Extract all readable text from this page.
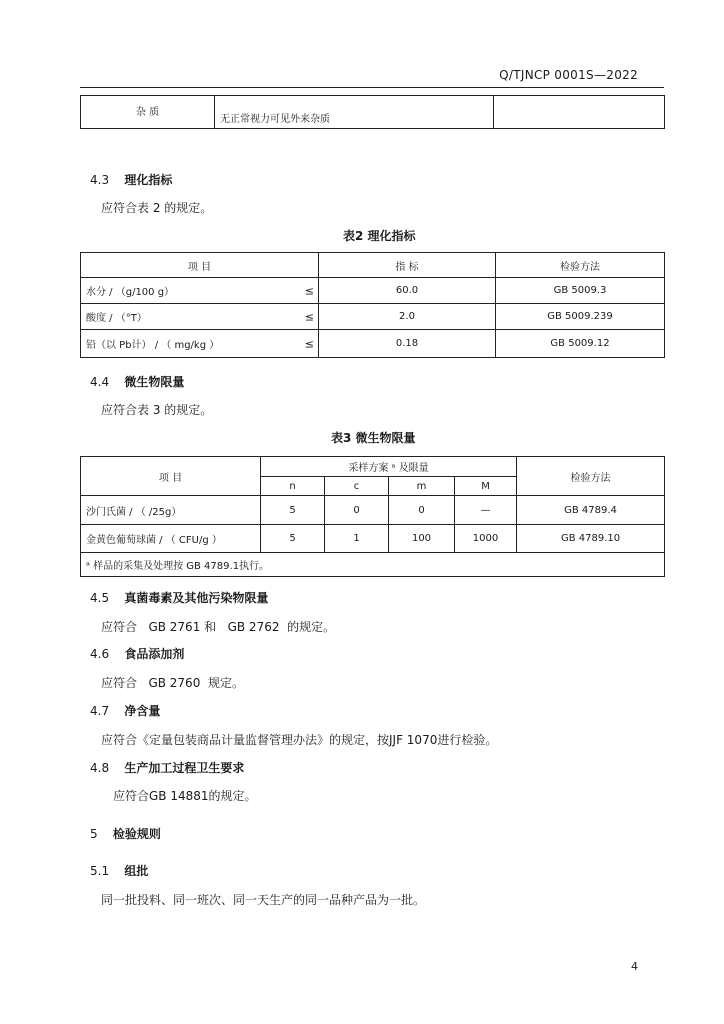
Q/TJNCP 0001S—2022
杂 质	无正常视力可见外来杂质	
4.3 理化指标
应符合表 2 的规定。
表2 理化指标
项 目	指 标	检验方法
水分 / （g/100 g） ≤	60.0	GB 5009.3
酸度 / （°T） ≤	2.0	GB 5009.239
铅（以 Pb计） / （ mg/kg ） ≤	0.18	GB 5009.12
4.4 微生物限量
应符合表 3 的规定。
表3 微生物限量
项 目	采样方案 ᵃ 及限量				检验方法
	n	c	m	M	
沙门氏菌 / （ /25g）	5	0	0	—	GB 4789.4
金黄色葡萄球菌 / （ CFU/g ）	5	1	100	1000	GB 4789.10
ᵃ 样品的采集及处理按 GB 4789.1执行。					
4.5 真菌毒素及其他污染物限量
应符合   GB 2761 和   GB 2762  的规定。
4.6 食品添加剂
应符合   GB 2760  规定。
4.7 净含量
应符合《定量包装商品计量监督管理办法》的规定，按JJF 1070进行检验。
4.8 生产加工过程卫生要求
应符合GB 14881的规定。
5 检验规则
5.1 组批
同一批投料、同一班次、同一天生产的同一品种产品为一批。
4
